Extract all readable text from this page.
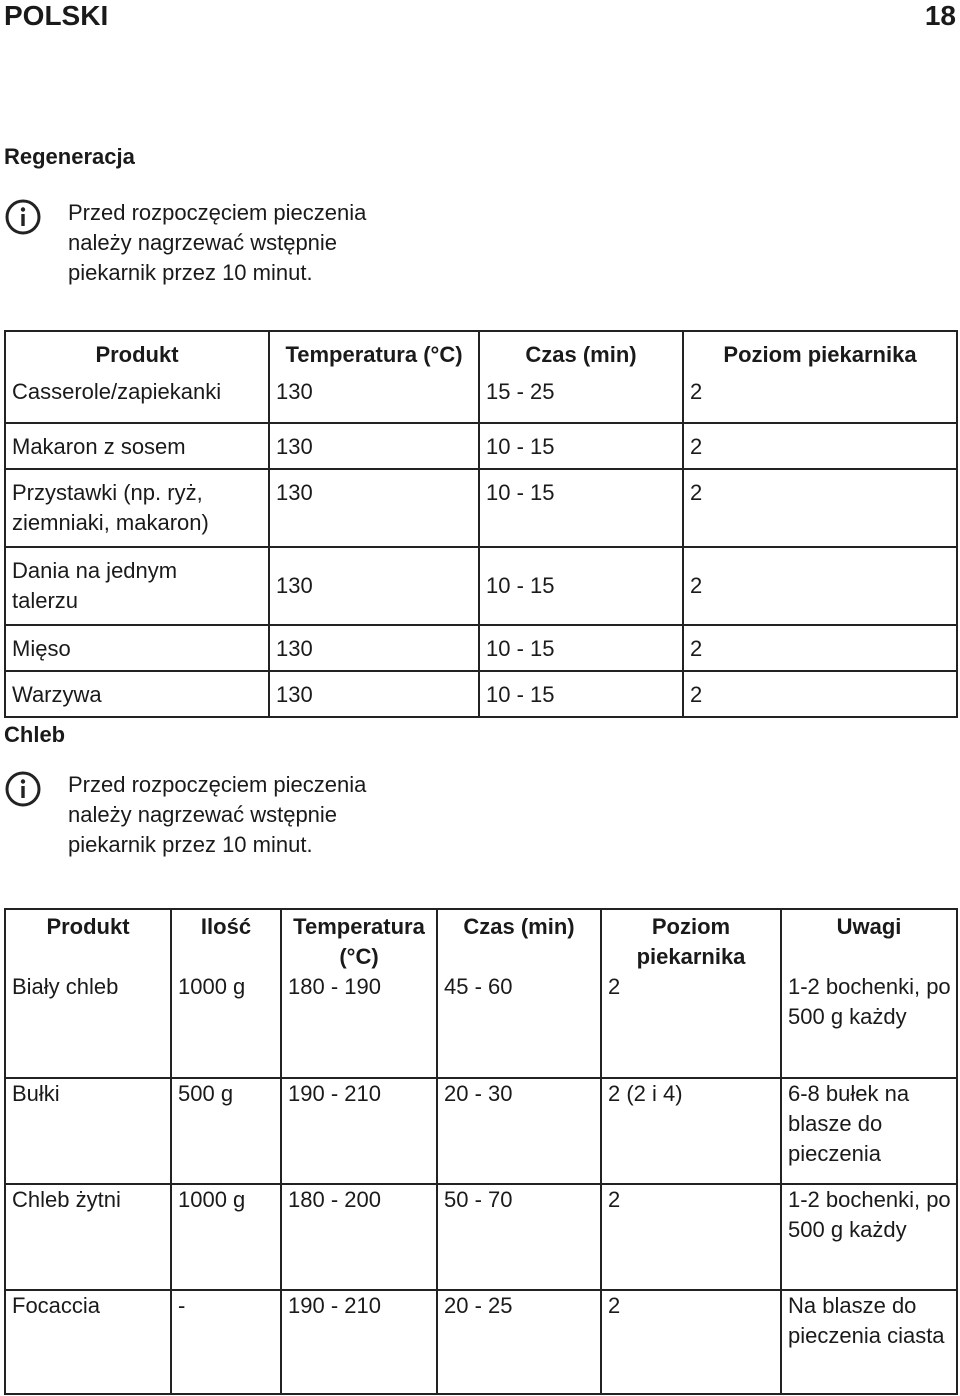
POLSKI	18
Regeneracja
Przed rozpoczęciem pieczenia
należy nagrzewać wstępnie
piekarnik przez 10 minut.
Produkt	Temperatura (°C)	Czas (min)	Poziom piekarnika
Casserole/zapiekanki	130	15 - 25	2
Makaron z sosem	130	10 - 15	2
Przystawki (np. ryż, ziemniaki, makaron)	130	10 - 15	2
Dania na jednym talerzu	130	10 - 15	2
Mięso	130	10 - 15	2
Warzywa	130	10 - 15	2
Chleb
Przed rozpoczęciem pieczenia
należy nagrzewać wstępnie
piekarnik przez 10 minut.
Produkt	Ilość	Temperatura (°C)	Czas (min)	Poziom piekarnika	Uwagi
Biały chleb	1000 g	180 - 190	45 - 60	2	1-2 bochenki, po 500 g każdy
Bułki	500 g	190 - 210	20 - 30	2 (2 i 4)	6-8 bułek na blasze do pieczenia
Chleb żytni	1000 g	180 - 200	50 - 70	2	1-2 bochenki, po 500 g każdy
Focaccia	-	190 - 210	20 - 25	2	Na blasze do pieczenia ciasta
